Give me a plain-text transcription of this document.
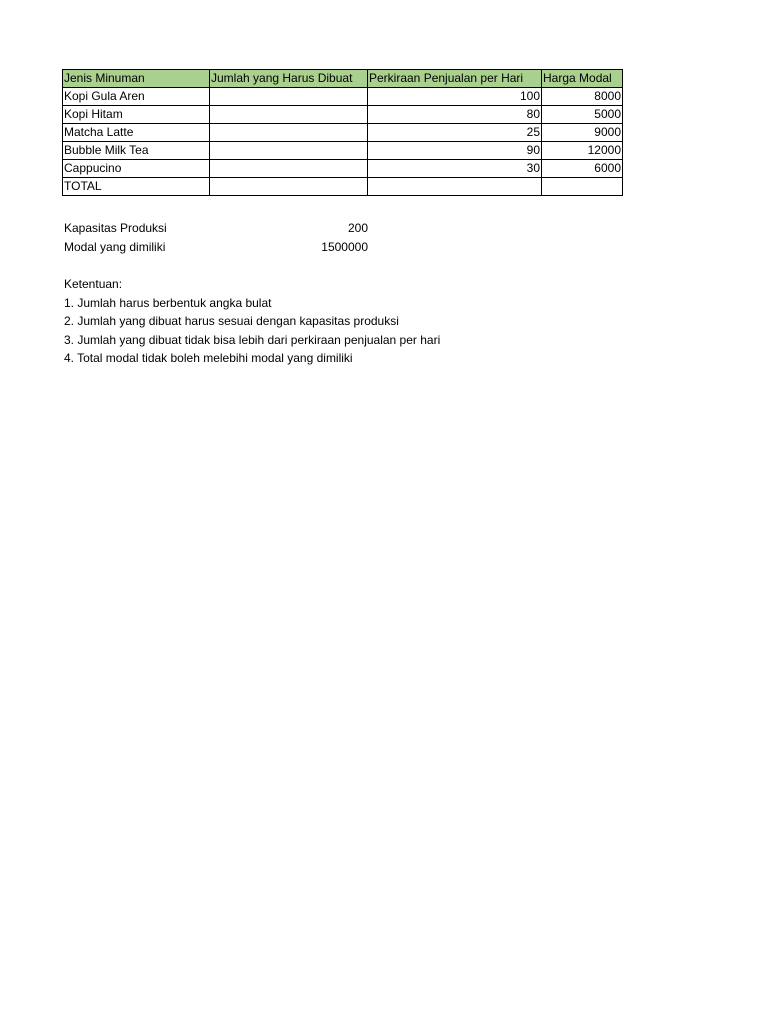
Jenis Minuman	Jumlah yang Harus Dibuat	Perkiraan Penjualan per Hari	Harga Modal
Kopi Gula Aren		100	8000
Kopi Hitam		80	5000
Matcha Latte		25	9000
Bubble Milk Tea		90	12000
Cappucino		30	6000
TOTAL			
Kapasitas Produksi	200
Modal yang dimiliki	1500000
Ketentuan:
1. Jumlah harus berbentuk angka bulat
2. Jumlah yang dibuat harus sesuai dengan kapasitas produksi
3. Jumlah yang dibuat tidak bisa lebih dari perkiraan penjualan per hari
4. Total modal tidak boleh melebihi modal yang dimiliki
